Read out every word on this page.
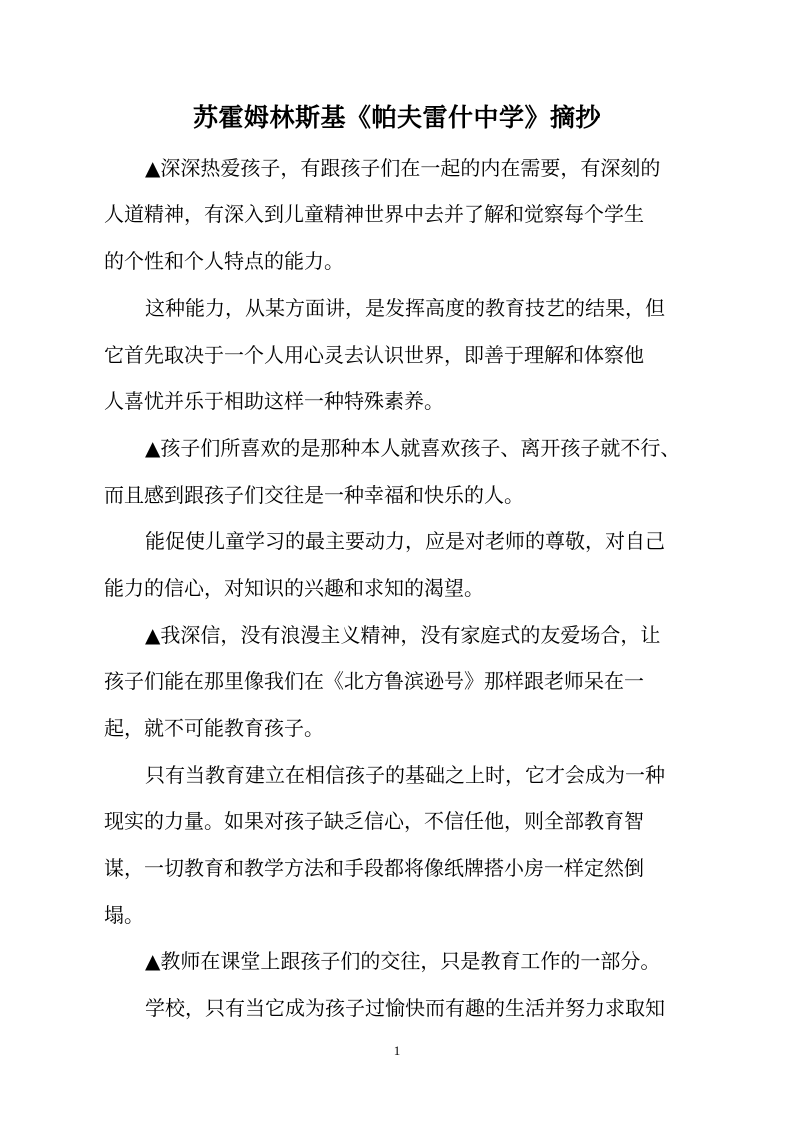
苏霍姆林斯基《帕夫雷什中学》摘抄
▲深深热爱孩子，有跟孩子们在一起的内在需要，有深刻的
人道精神，有深入到儿童精神世界中去并了解和觉察每个学生
的个性和个人特点的能力。
这种能力，从某方面讲，是发挥高度的教育技艺的结果，但
它首先取决于一个人用心灵去认识世界，即善于理解和体察他
人喜忧并乐于相助这样一种特殊素养。
▲孩子们所喜欢的是那种本人就喜欢孩子、离开孩子就不行、
而且感到跟孩子们交往是一种幸福和快乐的人。
能促使儿童学习的最主要动力，应是对老师的尊敬，对自己
能力的信心，对知识的兴趣和求知的渴望。
▲我深信，没有浪漫主义精神，没有家庭式的友爱场合，让
孩子们能在那里像我们在《北方鲁滨逊号》那样跟老师呆在一
起，就不可能教育孩子。
只有当教育建立在相信孩子的基础之上时，它才会成为一种
现实的力量。如果对孩子缺乏信心，不信任他，则全部教育智
谋，一切教育和教学方法和手段都将像纸牌搭小房一样定然倒
塌。
▲教师在课堂上跟孩子们的交往，只是教育工作的一部分。
学校，只有当它成为孩子过愉快而有趣的生活并努力求取知
1
